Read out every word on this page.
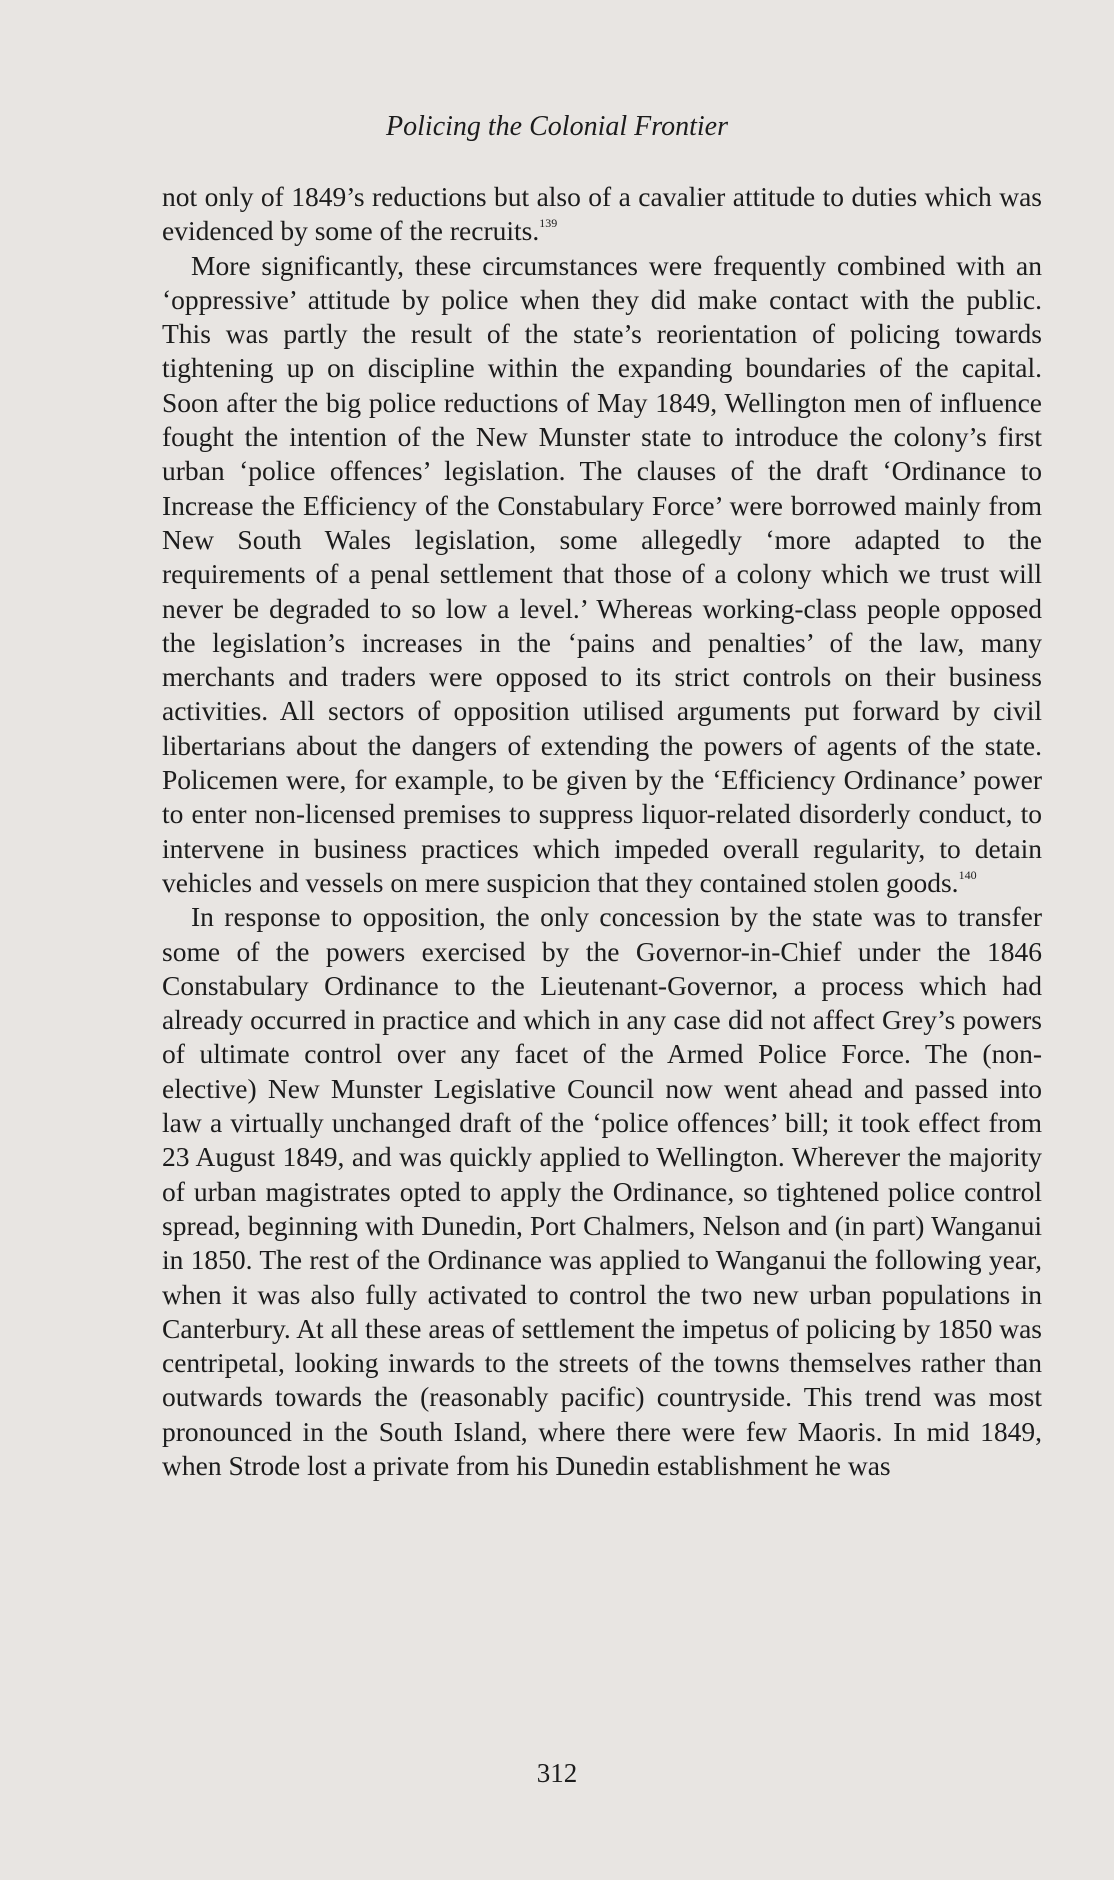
Policing the Colonial Frontier

not only of 1849’s reductions but also of a cavalier attitude to duties which was evidenced by some of the recruits.$^{139}$

More significantly, these circumstances were frequently combined with an ‘oppressive’ attitude by police when they did make contact with the public. This was partly the result of the state’s reorientation of policing towards tightening up on discipline within the expanding boundaries of the capital. Soon after the big police reductions of May 1849, Wellington men of influence fought the intention of the New Munster state to introduce the colony’s first urban ‘police offences’ legislation. The clauses of the draft ‘Ordinance to Increase the Efficiency of the Constabulary Force’ were borrowed mainly from New South Wales legislation, some allegedly ‘more adapted to the requirements of a penal settlement that those of a colony which we trust will never be degraded to so low a level.’ Whereas working-class people opposed the legislation’s increases in the ‘pains and penalties’ of the law, many merchants and traders were opposed to its strict controls on their business activities. All sectors of opposition utilised arguments put forward by civil libertarians about the dangers of extending the powers of agents of the state. Policemen were, for example, to be given by the ‘Efficiency Ordinance’ power to enter non-licensed premises to suppress liquor-related disorderly conduct, to intervene in business practices which impeded overall regularity, to detain vehicles and vessels on mere suspicion that they contained stolen goods.$^{140}$

In response to opposition, the only concession by the state was to transfer some of the powers exercised by the Governor-in-Chief under the 1846 Constabulary Ordinance to the Lieutenant-Governor, a process which had already occurred in practice and which in any case did not affect Grey’s powers of ultimate control over any facet of the Armed Police Force. The (non-elective) New Munster Legislative Council now went ahead and passed into law a virtually unchanged draft of the ‘police offences’ bill; it took effect from 23 August 1849, and was quickly applied to Wellington. Wherever the majority of urban magistrates opted to apply the Ordinance, so tightened police control spread, beginning with Dunedin, Port Chalmers, Nelson and (in part) Wanganui in 1850. The rest of the Ordinance was applied to Wanganui the following year, when it was also fully activated to control the two new urban populations in Canterbury. At all these areas of settlement the impetus of policing by 1850 was centripetal, looking inwards to the streets of the towns themselves rather than outwards towards the (reasonably pacific) countryside. This trend was most pronounced in the South Island, where there were few Maoris. In mid 1849, when Strode lost a private from his Dunedin establishment he was

312
